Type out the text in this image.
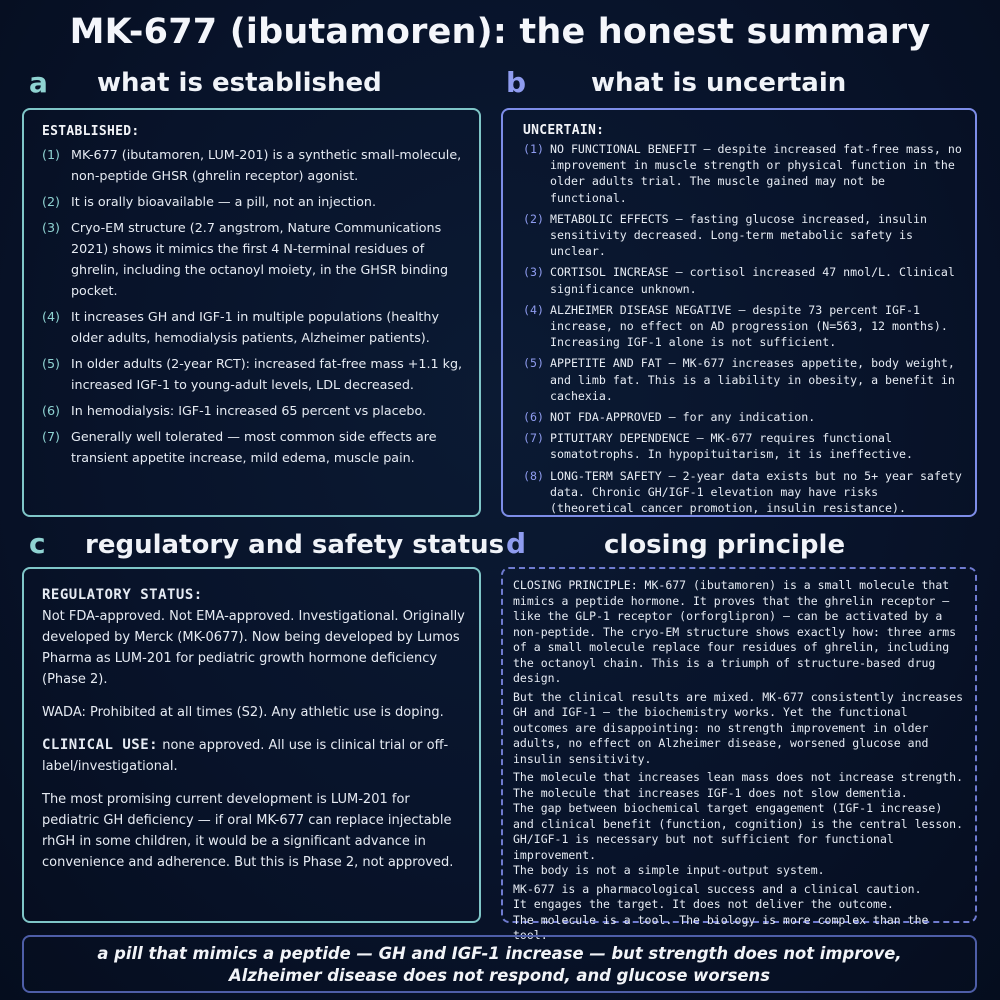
MK-677 (ibutamoren): the honest summary
a what is established	b what is uncertain
ESTABLISHED:
(1) MK-677 (ibutamoren, LUM-201) is a synthetic small-molecule, non-peptide GHSR (ghrelin receptor) agonist.
(2) It is orally bioavailable — a pill, not an injection.
(3) Cryo-EM structure (2.7 angstrom, Nature Communications 2021) shows it mimics the first 4 N-terminal residues of ghrelin, including the octanoyl moiety, in the GHSR binding pocket.
(4) It increases GH and IGF-1 in multiple populations (healthy older adults, hemodialysis patients, Alzheimer patients).
(5) In older adults (2-year RCT): increased fat-free mass +1.1 kg, increased IGF-1 to young-adult levels, LDL decreased.
(6) In hemodialysis: IGF-1 increased 65 percent vs placebo.
(7) Generally well tolerated — most common side effects are transient appetite increase, mild edema, muscle pain.
UNCERTAIN:
(1) NO FUNCTIONAL BENEFIT — despite increased fat-free mass, no improvement in muscle strength or physical function in the older adults trial. The muscle gained may not be functional.
(2) METABOLIC EFFECTS — fasting glucose increased, insulin sensitivity decreased. Long-term metabolic safety is unclear.
(3) CORTISOL INCREASE — cortisol increased 47 nmol/L. Clinical significance unknown.
(4) ALZHEIMER DISEASE NEGATIVE — despite 73 percent IGF-1 increase, no effect on AD progression (N=563, 12 months). Increasing IGF-1 alone is not sufficient.
(5) APPETITE AND FAT — MK-677 increases appetite, body weight, and limb fat. This is a liability in obesity, a benefit in cachexia.
(6) NOT FDA-APPROVED — for any indication.
(7) PITUITARY DEPENDENCE — MK-677 requires functional somatotrophs. In hypopituitarism, it is ineffective.
(8) LONG-TERM SAFETY — 2-year data exists but no 5+ year safety data. Chronic GH/IGF-1 elevation may have risks (theoretical cancer promotion, insulin resistance).
c regulatory and safety status d	closing principle
REGULATORY STATUS:
Not FDA-approved. Not EMA-approved. Investigational. Originally developed by Merck (MK-0677). Now being developed by Lumos Pharma as LUM-201 for pediatric growth hormone deficiency (Phase 2).
WADA: Prohibited at all times (S2). Any athletic use is doping.
CLINICAL USE: none approved. All use is clinical trial or off-label/investigational.
The most promising current development is LUM-201 for pediatric GH deficiency — if oral MK-677 can replace injectable rhGH in some children, it would be a significant advance in convenience and adherence. But this is Phase 2, not approved.
CLOSING PRINCIPLE: MK-677 (ibutamoren) is a small molecule that mimics a peptide hormone. It proves that the ghrelin receptor — like the GLP-1 receptor (orforglipron) — can be activated by a non-peptide. The cryo-EM structure shows exactly how: three arms of a small molecule replace four residues of ghrelin, including the octanoyl chain. This is a triumph of structure-based drug design.
But the clinical results are mixed. MK-677 consistently increases GH and IGF-1 — the biochemistry works. Yet the functional outcomes are disappointing: no strength improvement in older adults, no effect on Alzheimer disease, worsened glucose and insulin sensitivity.
The molecule that increases lean mass does not increase strength.
The molecule that increases IGF-1 does not slow dementia.
The gap between biochemical target engagement (IGF-1 increase) and clinical benefit (function, cognition) is the central lesson.
GH/IGF-1 is necessary but not sufficient for functional improvement.
The body is not a simple input-output system.
MK-677 is a pharmacological success and a clinical caution.
It engages the target. It does not deliver the outcome.
The molecule is a tool. The biology is more complex than the tool.
a pill that mimics a peptide — GH and IGF-1 increase — but strength does not improve,
Alzheimer disease does not respond, and glucose worsens
